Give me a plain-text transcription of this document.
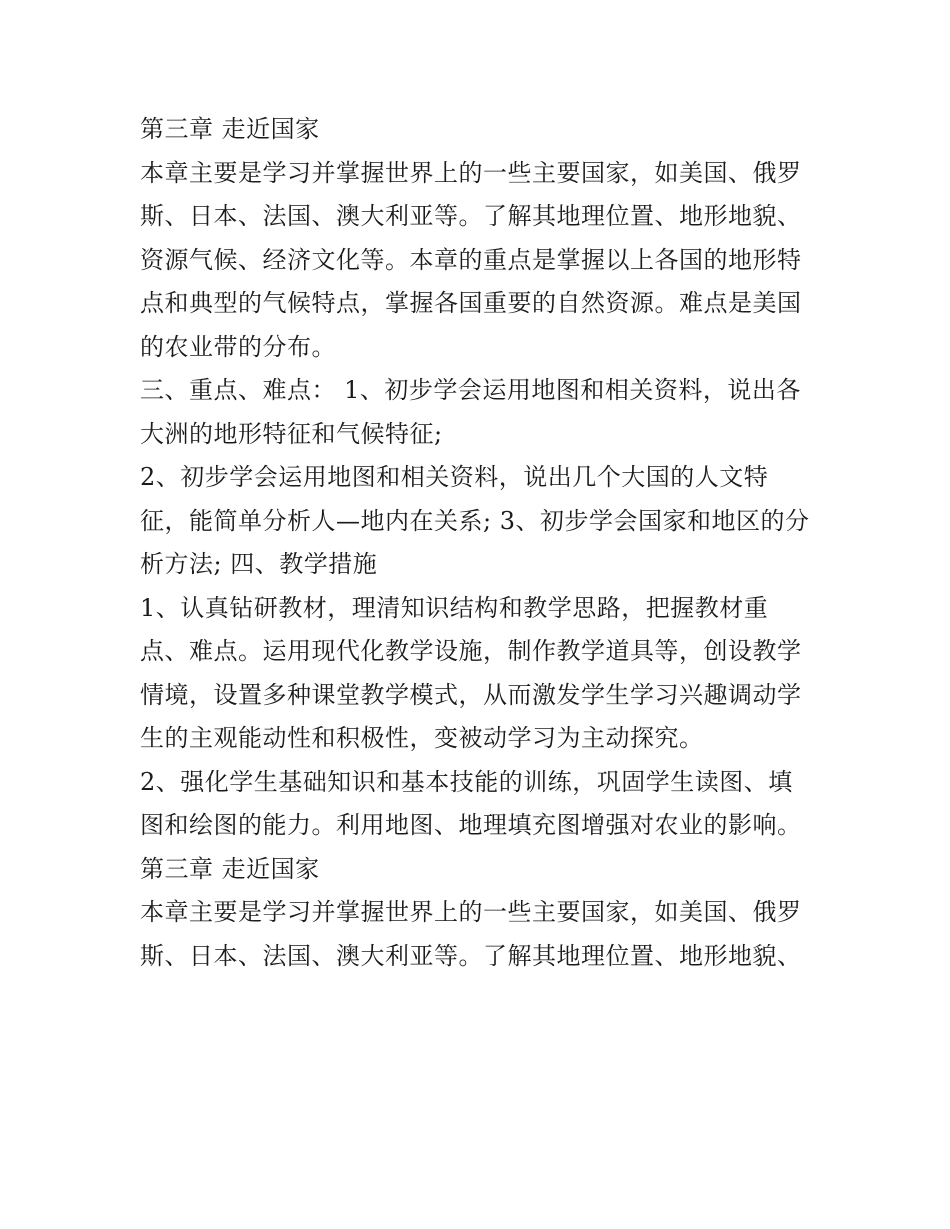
第三章 走近国家
本章主要是学习并掌握世界上的一些主要国家，如美国、俄罗
斯、日本、法国、澳大利亚等。了解其地理位置、地形地貌、
资源气候、经济文化等。本章的重点是掌握以上各国的地形特
点和典型的气候特点，掌握各国重要的自然资源。难点是美国
的农业带的分布。
三、重点、难点： 1、初步学会运用地图和相关资料，说出各
大洲的地形特征和气候特征;
2、初步学会运用地图和相关资料，说出几个大国的人文特
征，能简单分析人—地内在关系; 3、初步学会国家和地区的分
析方法; 四、教学措施
1、认真钻研教材，理清知识结构和教学思路，把握教材重
点、难点。运用现代化教学设施，制作教学道具等，创设教学
情境，设置多种课堂教学模式，从而激发学生学习兴趣调动学
生的主观能动性和积极性，变被动学习为主动探究。
2、强化学生基础知识和基本技能的训练，巩固学生读图、填
图和绘图的能力。利用地图、地理填充图增强对农业的影响。
第三章 走近国家
本章主要是学习并掌握世界上的一些主要国家，如美国、俄罗
斯、日本、法国、澳大利亚等。了解其地理位置、地形地貌、
